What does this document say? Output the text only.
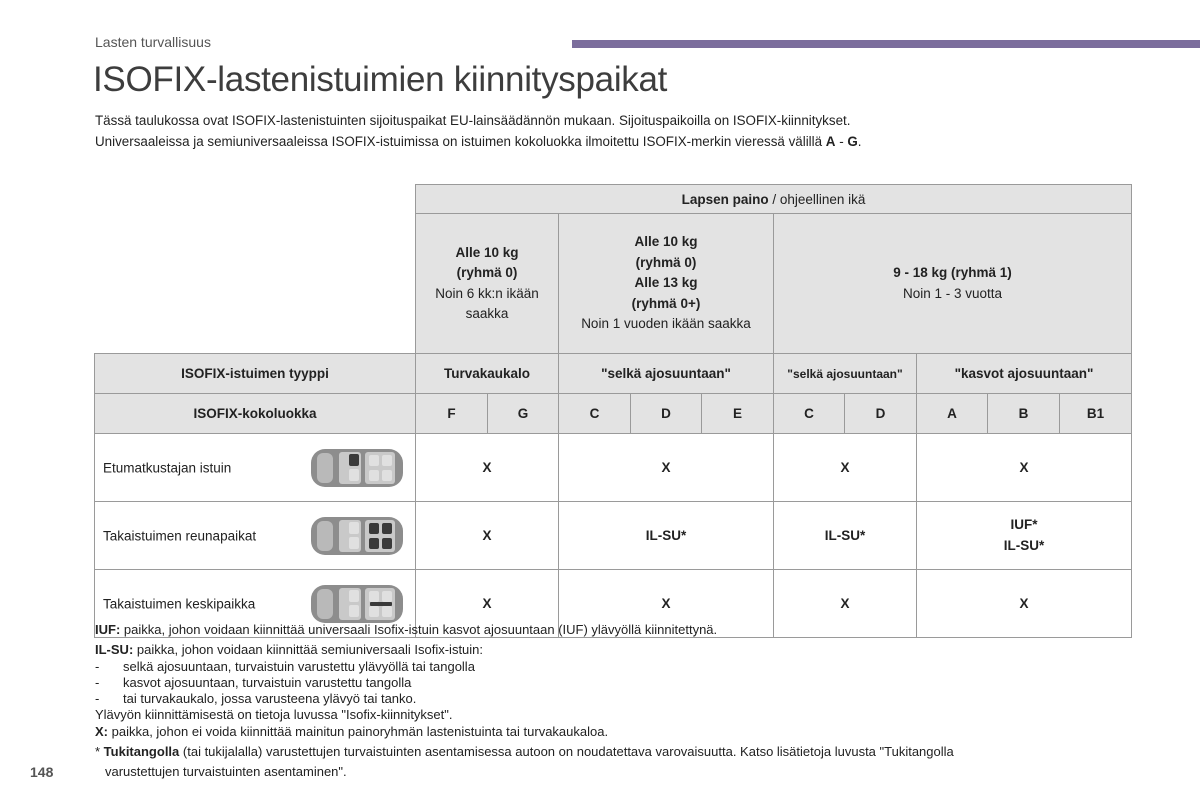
Lasten turvallisuus
ISOFIX-lastenistuimien kiinnityspaikat
Tässä taulukossa ovat ISOFIX-lastenistuinten sijoituspaikat EU-lainsäädännön mukaan. Sijoituspaikoilla on ISOFIX-kiinnitykset.
Universaaleissa ja semiuniversaaleissa ISOFIX-istuimissa on istuimen kokoluokka ilmoitettu ISOFIX-merkin vieressä välillä A - G.
	Lapsen paino / ohjeellinen ikä									
	Alle 10 kg
(ryhmä 0)
Noin 6 kk:n ikään
saakka		Alle 10 kg
(ryhmä 0)
Alle 13 kg
(ryhmä 0+)
Noin 1 vuoden ikään saakka			9 - 18 kg (ryhmä 1)
Noin 1 - 3 vuotta				
ISOFIX-istuimen tyyppi	Turvakaukalo		"selkä ajosuuntaan"			"selkä ajosuuntaan"		"kasvot ajosuuntaan"		
ISOFIX-kokoluokka	F	G	C	D	E	C	D	A	B	B1

Etumatkustajan istuin	X		X			X		X		

Takaistuimen reunapaikat	X		IL-SU*			IL-SU*		IUF*
IL-SU*		

Takaistuimen keskipaikka	X		X			X		X		

IUF: paikka, johon voidaan kiinnittää universaali Isofix-istuin kasvot ajosuuntaan (IUF) ylävyöllä kiinnitettynä.

IL-SU: paikka, johon voidaan kiinnittää semiuniversaali Isofix-istuin:

- selkä ajosuuntaan, turvaistuin varustettu ylävyöllä tai tangolla

- kasvot ajosuuntaan, turvaistuin varustettu tangolla

- tai turvakaukalo, jossa varusteena ylävyö tai tanko.

Ylävyön kiinnittämisestä on tietoja luvussa "Isofix-kiinnitykset".

X: paikka, johon ei voida kiinnittää mainitun painoryhmän lastenistuinta tai turvakaukaloa.

* Tukitangolla (tai tukijalalla) varustettujen turvaistuinten asentamisessa autoon on noudatettava varovaisuutta. Katso lisätietoja luvusta "Tukitangolla

varustettujen turvaistuinten asentaminen".

148
